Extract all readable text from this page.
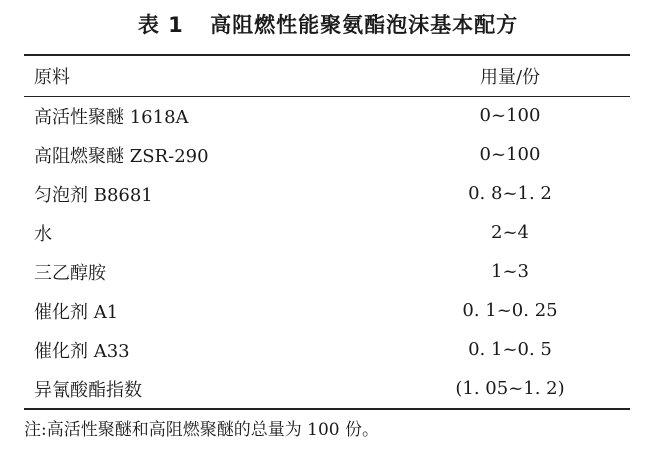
表 1 高阻燃性能聚氨酯泡沫基本配方
原料	用量/份
高活性聚醚 1618A	0~100
高阻燃聚醚 ZSR-290	0~100
匀泡剂 B8681	0. 8~1. 2
水	2~4
三乙醇胺	1~3
催化剂 A1	0. 1~0. 25
催化剂 A33	0. 1~0. 5
异氰酸酯指数	(1. 05~1. 2)
注:高活性聚醚和高阻燃聚醚的总量为 100 份。
